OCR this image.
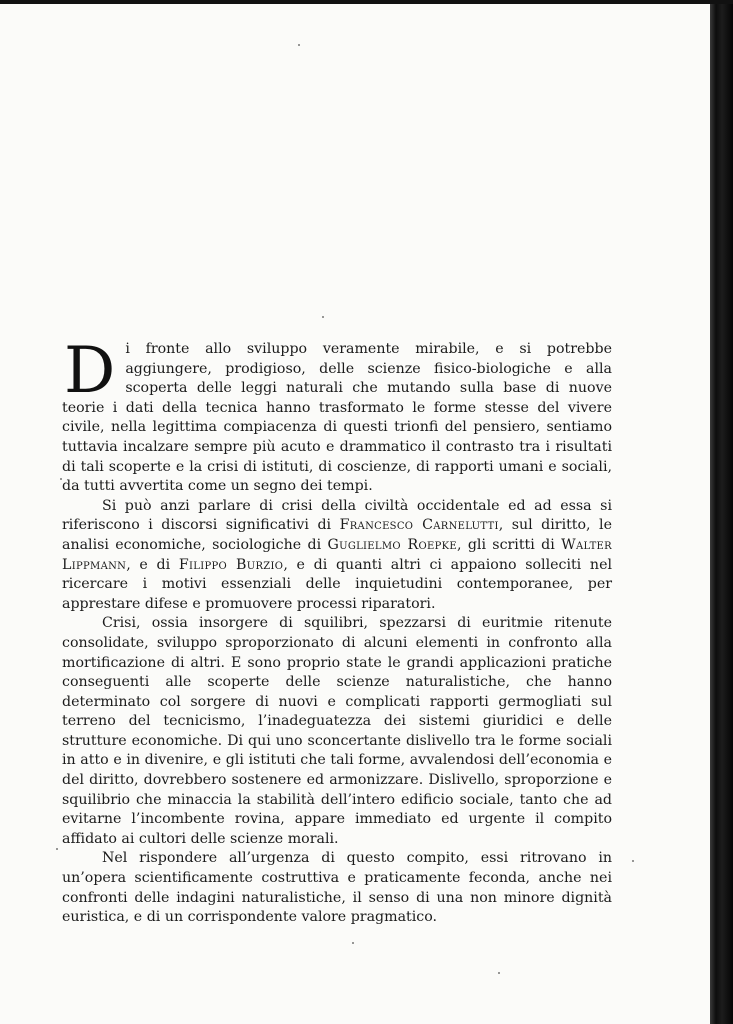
Di fronte allo sviluppo veramente mirabile, e si potrebbe aggiungere, prodigioso, delle scienze fisico-biologiche e alla scoperta delle leggi naturali che mutando sulla base di nuove teorie i dati della tecnica hanno trasformato le forme stesse del vivere civile, nella legittima compiacenza di questi trionfi del pensiero, sentiamo tuttavia incalzare sempre più acuto e drammatico il contrasto tra i risultati di tali scoperte e la crisi di istituti, di coscienze, di rapporti umani e sociali, da tutti avvertita come un segno dei tempi.

Si può anzi parlare di crisi della civiltà occidentale ed ad essa si riferiscono i discorsi significativi di Francesco Carnelutti, sul diritto, le analisi economiche, sociologiche di Guglielmo Roepke, gli scritti di Walter Lippmann, e di Filippo Burzio, e di quanti altri ci appaiono solleciti nel ricercare i motivi essenziali delle inquietudini contemporanee, per apprestare difese e promuovere processi riparatori.

Crisi, ossia insorgere di squilibri, spezzarsi di euritmie ritenute consolidate, sviluppo sproporzionato di alcuni elementi in confronto alla mortificazione di altri. E sono proprio state le grandi applicazioni pratiche conseguenti alle scoperte delle scienze naturalistiche, che hanno determinato col sorgere di nuovi e complicati rapporti germogliati sul terreno del tecnicismo, l’inadeguatezza dei sistemi giuridici e delle strutture economiche. Di qui uno sconcertante dislivello tra le forme sociali in atto e in divenire, e gli istituti che tali forme, avvalendosi dell’economia e del diritto, dovrebbero sostenere ed armonizzare. Dislivello, sproporzione e squilibrio che minaccia la stabilità dell’intero edificio sociale, tanto che ad evitarne l’incombente rovina, appare immediato ed urgente il compito affidato ai cultori delle scienze morali.

Nel rispondere all’urgenza di questo compito, essi ritrovano in un’opera scientificamente costruttiva e praticamente feconda, anche nei confronti delle indagini naturalistiche, il senso di una non minore dignità euristica, e di un corrispondente valore pragmatico.
